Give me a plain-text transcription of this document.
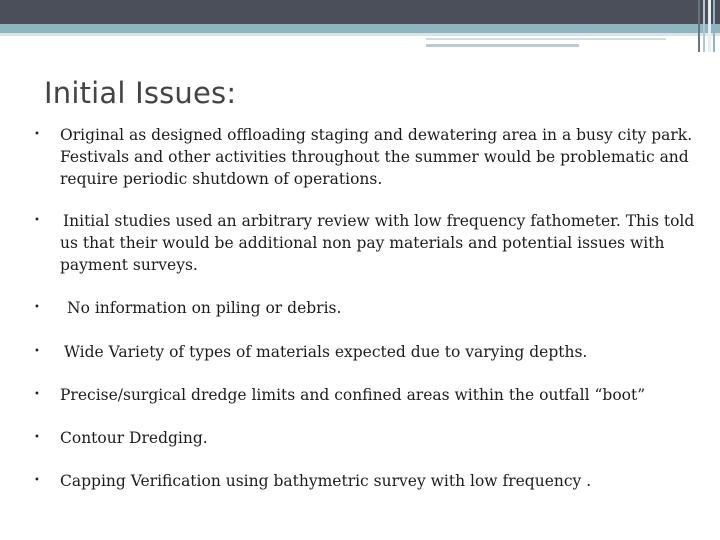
Initial Issues:
• Original as designed offloading staging and dewatering area in a busy city park.
Festivals and other activities throughout the summer would be problematic and
require periodic shutdown of operations.
• Initial studies used an arbitrary review with low frequency fathometer. This told
us that their would be additional non pay materials and potential issues with
payment surveys.
•	No information on piling or debris.
• Wide Variety of types of materials expected due to varying depths.
• Precise/surgical dredge limits and confined areas within the outfall “boot”
• Contour Dredging.
• Capping Verification using bathymetric survey with low frequency .
